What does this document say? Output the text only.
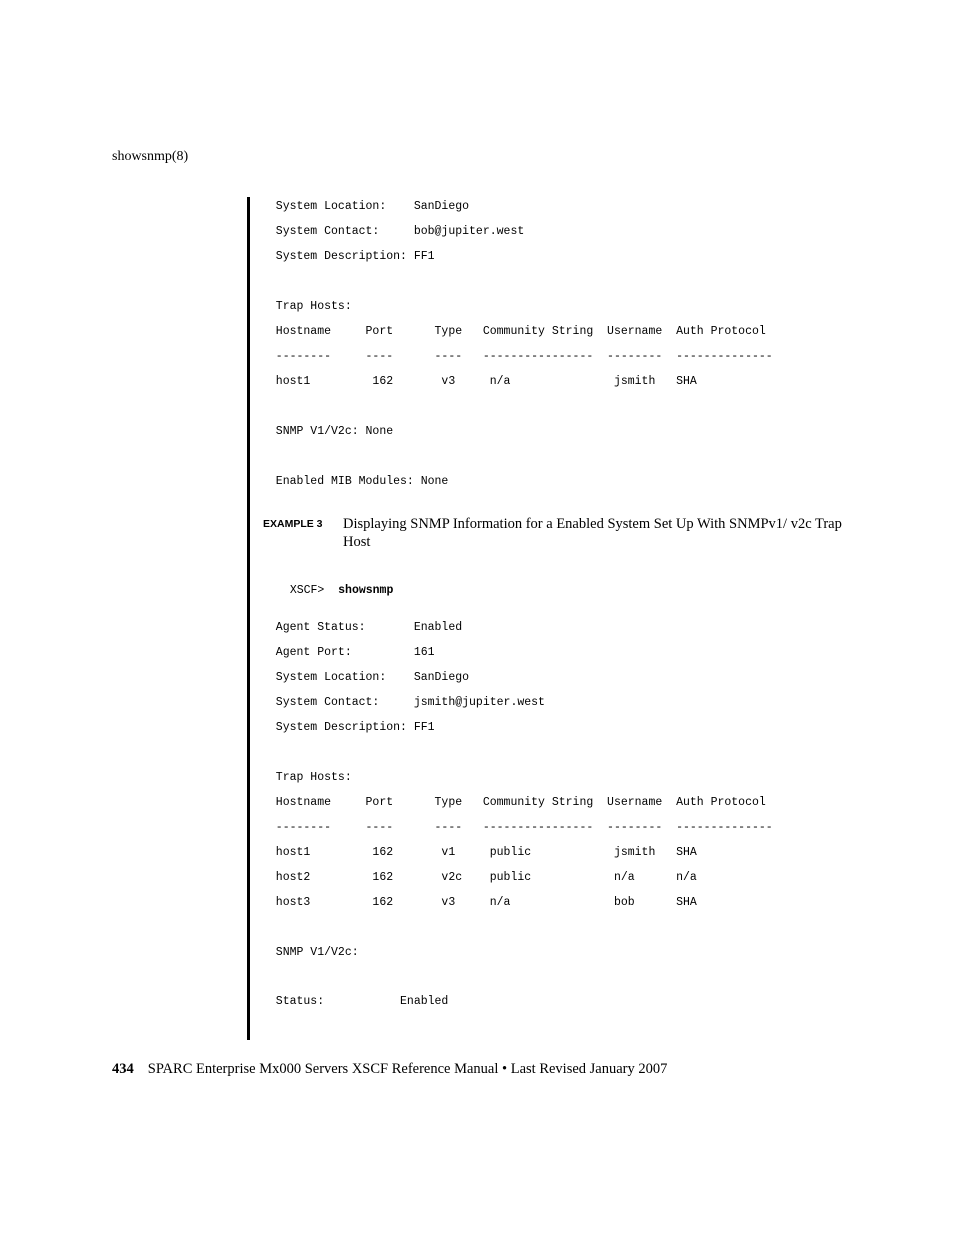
showsnmp(8)
System Location:    SanDiego
System Contact:     bob@jupiter.west
System Description: FF1
Trap Hosts:
Hostname     Port      Type   Community String  Username  Auth Protocol
--------     ----      ----   ----------------  --------  --------------
host1         162       v3     n/a               jsmith   SHA
SNMP V1/V2c: None
Enabled MIB Modules: None
EXAMPLE 3 Displaying SNMP Information for a Enabled System Set Up With SNMPv1/ v2c Trap Host

XSCF> showsnmp

Agent Status:       Enabled
Agent Port:         161
System Location:    SanDiego
System Contact:     jsmith@jupiter.west
System Description: FF1
Trap Hosts:
Hostname     Port      Type   Community String  Username  Auth Protocol
--------     ----      ----   ----------------  --------  --------------
host1         162       v1     public            jsmith   SHA
host2         162       v2c    public            n/a      n/a
host3         162       v3     n/a               bob      SHA
SNMP V1/V2c:
Status:           Enabled
434 SPARC Enterprise Mx000 Servers XSCF Reference Manual • Last Revised January 2007
